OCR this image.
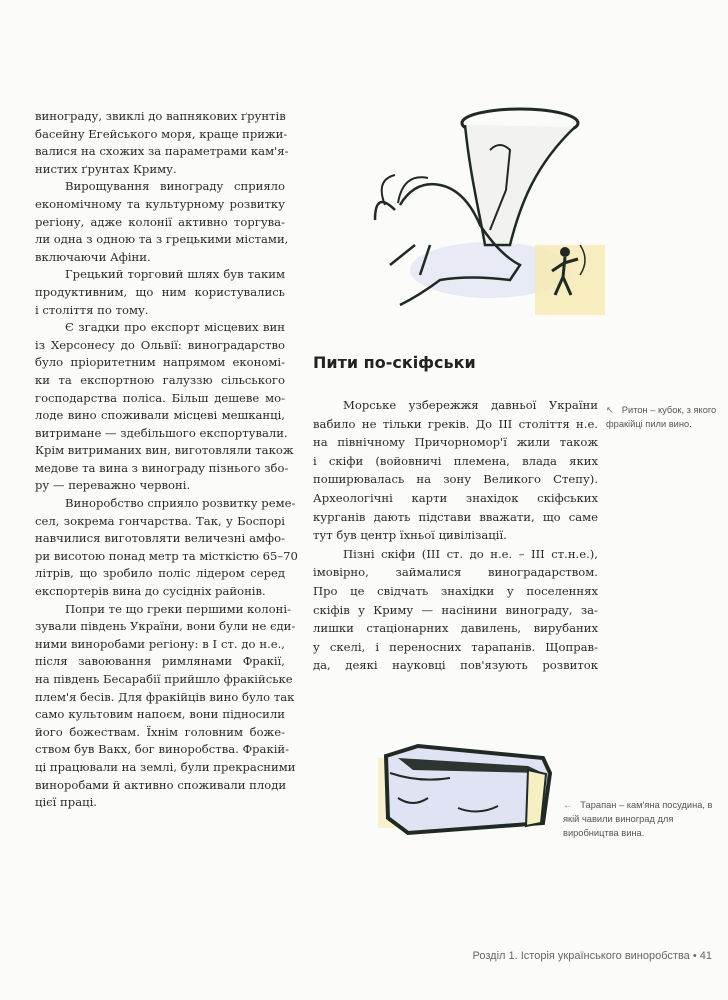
винограду, звиклі до вапнякових ґрунтів
басейну Егейського моря, краще прижи-
валися на схожих за параметрами кам'я-
нистих ґрунтах Криму.
Вирощування винограду сприяло
економічному та культурному розвитку
регіону, адже колонії активно торгува-
ли одна з одною та з грецькими містами,
включаючи Афіни.
Грецький торговий шлях був таким
продуктивним, що ним користувались
і століття по тому.
Є згадки про експорт місцевих вин
із Херсонесу до Ольвії: виноградарство
було пріоритетним напрямом економі-
ки та експортною галуззю сільського
господарства поліса. Більш дешеве мо-
лоде вино споживали місцеві мешканці,
витримане — здебільшого експортували.
Крім витриманих вин, виготовляли також
медове та вина з винограду пізнього збо-
ру — переважно червоні.
Виноробство сприяло розвитку реме-
сел, зокрема гончарства. Так, у Боспорі
навчилися виготовляти величезні амфо-
ри висотою понад метр та місткістю 65–70
літрів, що зробило поліс лідером серед
експортерів вина до сусідніх районів.
Попри те що греки першими колоні-
зували південь України, вони були не єди-
ними виноробами регіону: в I ст. до н.е.,
після завоювання римлянами Фракії,
на південь Бесарабії прийшло фракійське
плем'я бесів. Для фракійців вино було так
само культовим напоєм, вони підносили
його божествам. Їхнім головним боже-
ством був Вакх, бог виноробства. Фракій-
ці працювали на землі, були прекрасними
виноробами й активно споживали плоди
цієї праці.
Пити по-скіфськи
Морське узбережжя давньої України
вабило не тільки греків. До III століття н.е.
на північному Причорномор'ї жили також
і скіфи (войовничі племена, влада яких
поширювалась на зону Великого Степу).
Археологічні карти знахідок скіфських
курганів дають підстави вважати, що саме
тут був центр їхньої цивілізації.
Пізні скіфи (III ст. до н.е. – III ст.н.е.),
імовірно, займалися виноградарством.
Про це свідчать знахідки у поселеннях
скіфів у Криму — насінини винограду, за-
лишки стаціонарних давилень, вирубаних
у скелі, і переносних тарапанів. Щоправ-
да, деякі науковці пов'язують розвиток
↖ Ритон – кубок, з якого фракійці пили вино.
← Тарапан – кам'яна посудина, в якій чавили виноград для виробництва вина.
Розділ 1. Історія українського виноробства • 41
